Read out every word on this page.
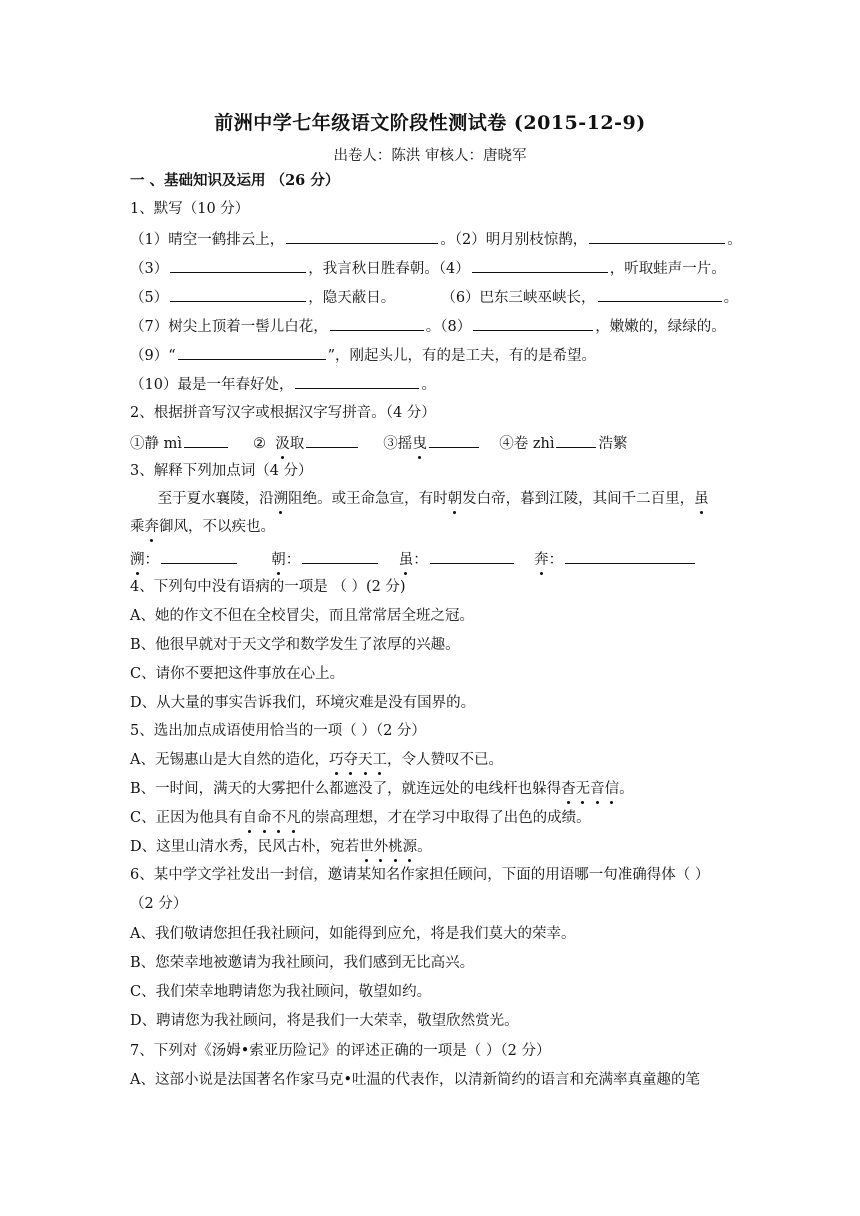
前洲中学七年级语文阶段性测试卷 (2015-12-9)
出卷人：陈洪 审核人：唐晓军
一 、基础知识及运用 （26 分）
1、默写（10 分）
（1）晴空一鹤排云上，	。（2）明月别枝惊鹊，	。
（3）	，我言秋日胜春朝。（4）	，听取蛙声一片。
（5）	，隐天蔽日。          （6）巴东三峡巫峡长，	。
（7）树尖上顶着一髻儿白花，	。（8）	，嫩嫩的，绿绿的。
（9）“	”，刚起头儿，有的是工夫，有的是希望。
（10）最是一年春好处，	。
2、根据拼音写汉字或根据汉字写拼音。（4 分）
①静 mì	②  汲取	③摇曳	④卷 zhì	浩繁
3、解释下列加点词（4 分）
至于夏水襄陵，沿溯阻绝。或王命急宣，有时朝发白帝，暮到江陵，其间千二百里，虽
乘奔御风，不以疾也。
溯：	朝：	虽：	奔：
4、下列句中没有语病的一项是 （ ）(2 分)
A、她的作文不但在全校冒尖，而且常常居全班之冠。
B、他很早就对于天文学和数学发生了浓厚的兴趣。
C、请你不要把这件事放在心上。
D、从大量的事实告诉我们，环境灾难是没有国界的。
5、选出加点成语使用恰当的一项（ ）（2 分）
A、无锡惠山是大自然的造化，巧夺天工，令人赞叹不已。
B、一时间，满天的大雾把什么都遮没了，就连远处的电线杆也躲得杳无音信。
C、正因为他具有自命不凡的崇高理想，才在学习中取得了出色的成绩。
D、这里山清水秀，民风古朴，宛若世外桃源。
6、某中学文学社发出一封信，邀请某知名作家担任顾问，下面的用语哪一句准确得体（ ）
（2 分）
A、我们敬请您担任我社顾问，如能得到应允，将是我们莫大的荣幸。
B、您荣幸地被邀请为我社顾问，我们感到无比高兴。
C、我们荣幸地聘请您为我社顾问，敬望如约。
D、聘请您为我社顾问，将是我们一大荣幸，敬望欣然赏光。
7、下列对《汤姆•索亚历险记》的评述正确的一项是（ ）（2 分）
A、这部小说是法国著名作家马克•吐温的代表作，以清新简约的语言和充满率真童趣的笔
